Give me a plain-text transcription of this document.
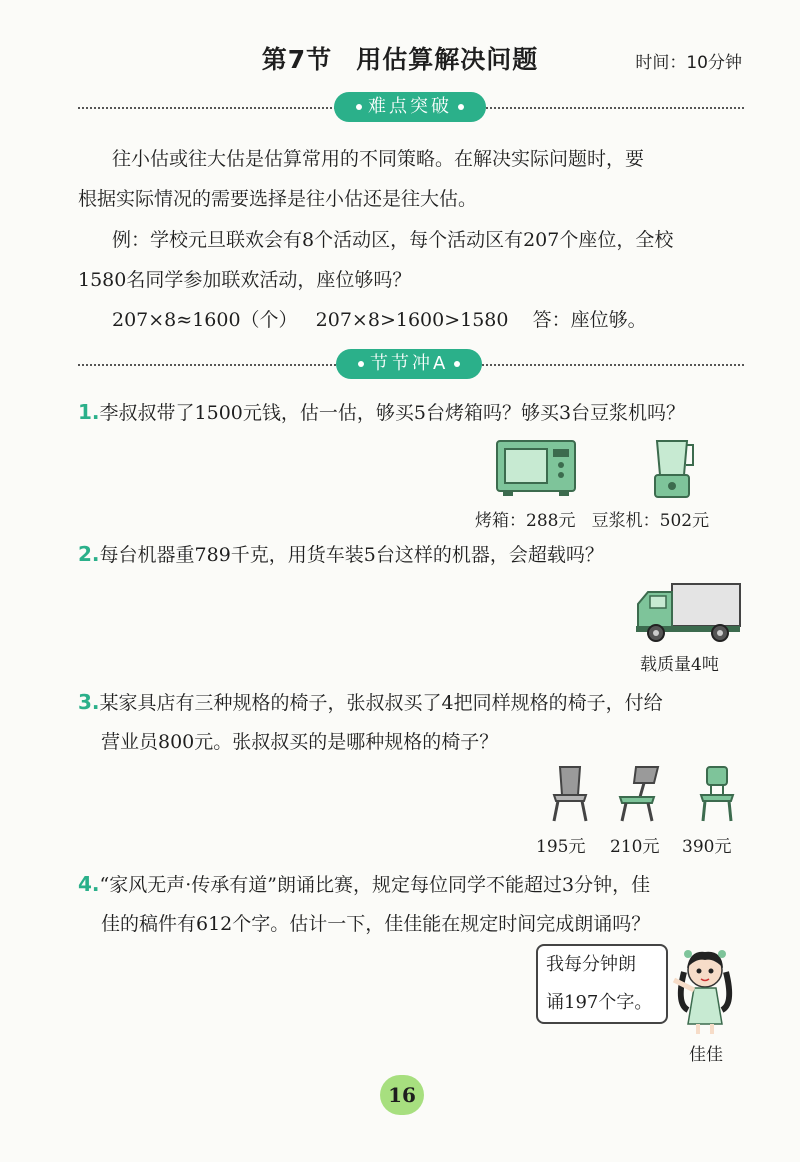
第7节 用估算解决问题	时间：10分钟
难点突破
往小估或往大估是估算常用的不同策略。在解决实际问题时，要
根据实际情况的需要选择是往小估还是往大估。
例：学校元旦联欢会有8个活动区，每个活动区有207个座位，全校
1580名同学参加联欢活动，座位够吗？
207×8≈1600（个）   207×8>1600>1580    答：座位够。
节节冲A
1.李叔叔带了1500元钱，估一估，够买5台烤箱吗？够买3台豆浆机吗？
烤箱：288元   豆浆机：502元
2.每台机器重789千克，用货车装5台这样的机器，会超载吗？
载质量4吨
3.某家具店有三种规格的椅子，张叔叔买了4把同样规格的椅子，付给
营业员800元。张叔叔买的是哪种规格的椅子？
195元 210元 390元
4.“家风无声·传承有道”朗诵比赛，规定每位同学不能超过3分钟，佳
佳的稿件有612个字。估计一下，佳佳能在规定时间完成朗诵吗？
我每分钟朗
诵197个字。
佳佳
16
